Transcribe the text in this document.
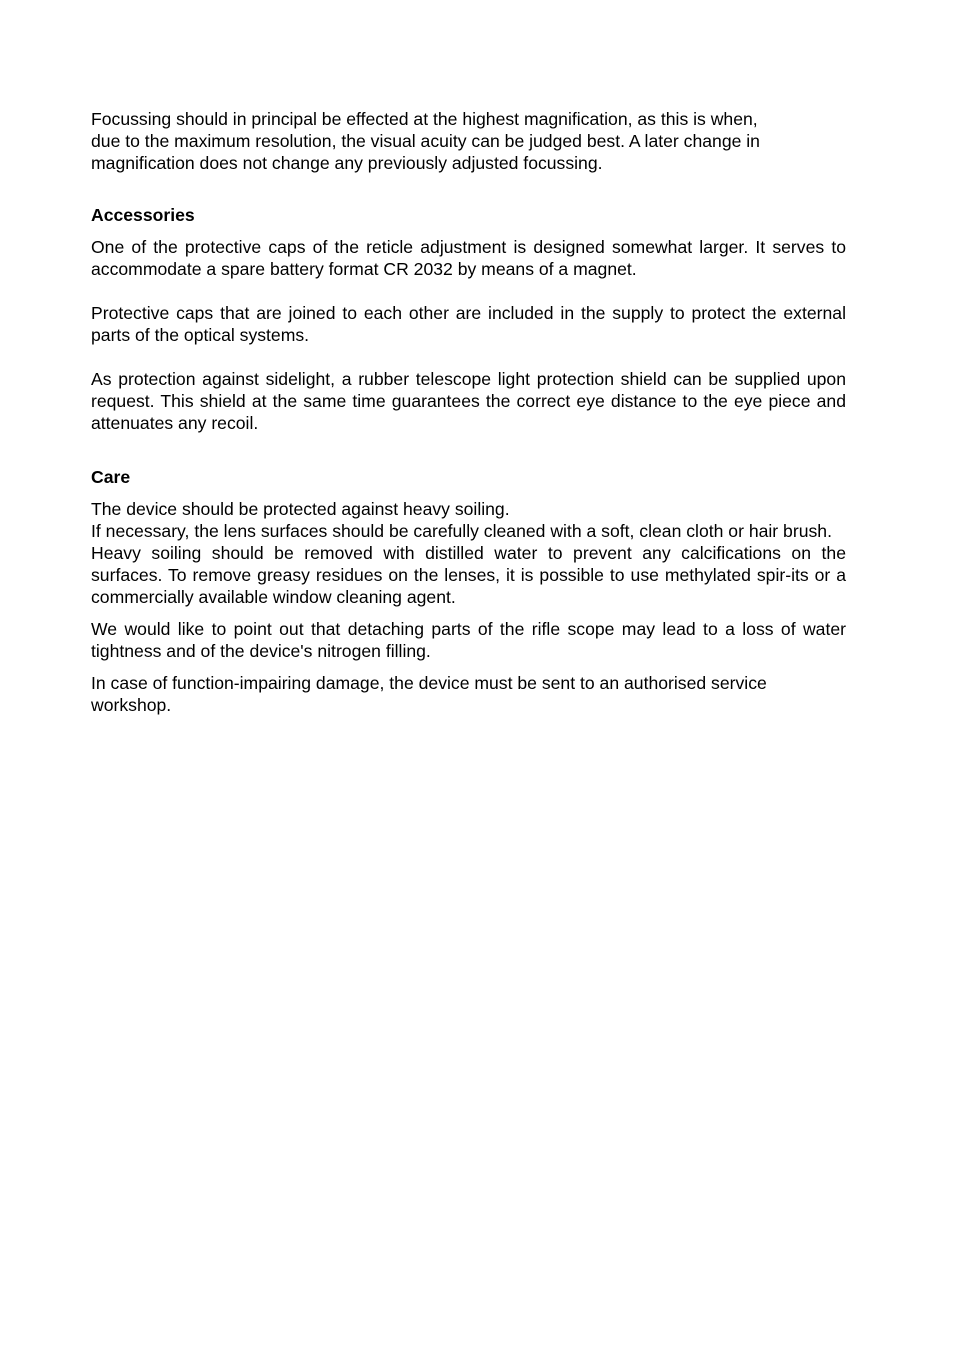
Focussing should in principal be effected at the highest magnification, as this is when,
due to the maximum resolution, the visual acuity can be judged best. A later change in
magnification does not change any previously adjusted focussing.
Accessories

One of the protective caps of the reticle adjustment is designed somewhat larger. It serves to accommodate a spare battery format CR 2032 by means of a magnet.

Protective caps that are joined to each other are included in the supply to protect the external parts of the optical systems.

As protection against sidelight, a rubber telescope light protection shield can be supplied upon request. This shield at the same time guarantees the correct eye distance to the eye piece and attenuates any recoil.

Care

The device should be protected against heavy soiling.

If necessary, the lens surfaces should be carefully cleaned with a soft, clean cloth or hair brush.

Heavy soiling should be removed with distilled water to prevent any calcifications on the surfaces. To remove greasy residues on the lenses, it is possible to use methylated spir-its or a commercially available window cleaning agent.

We would like to point out that detaching parts of the rifle scope may lead to a loss of water tightness and of the device's nitrogen filling.

In case of function-impairing damage, the device must be sent to an authorised service
workshop.
